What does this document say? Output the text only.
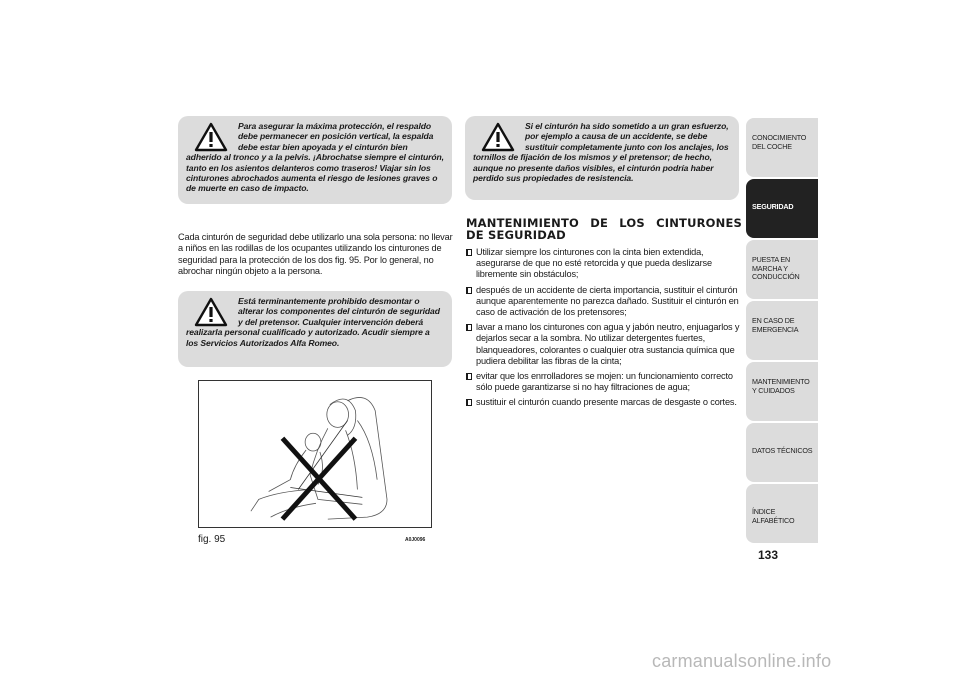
Para asegurar la máxima protección, el respaldo debe permanecer en posición vertical, la espalda debe estar bien apoyada y el cinturón bien adherido al tronco y a la pelvis. ¡Abrochatse siempre el cinturón, tanto en los asientos delanteros como traseros! Viajar sin los cinturones abrochados aumenta el riesgo de lesiones graves o de muerte en caso de impacto.

Cada cinturón de seguridad debe utilizarlo una sola persona: no llevar a niños en las rodillas de los ocupantes utilizando los cinturones de seguridad para la protección de los dos fig. 95. Por lo general, no abrochar ningún objeto a la persona.

Está terminantemente prohibido desmontar o alterar los componentes del cinturón de seguridad y del pretensor. Cualquier intervención deberá realizarla personal cualificado y autorizado. Acudir siempre a los Servicios Autorizados Alfa Romeo.

fig. 95	A0J0096

Si el cinturón ha sido sometido a un gran esfuerzo, por ejemplo a causa de un accidente, se debe sustituir completamente junto con los anclajes, los tornillos de fijación de los mismos y el pretensor; de hecho, aunque no presente daños visibles, el cinturón podría haber perdido sus propiedades de resistencia.

MANTENIMIENTO DE LOS CINTURONES DE SEGURIDAD
Utilizar siempre los cinturones con la cinta bien extendida, asegurarse de que no esté retorcida y que pueda deslizarse libremente sin obstáculos;
después de un accidente de cierta importancia, sustituir el cinturón aunque aparentemente no parezca dañado. Sustituir el cinturón en caso de activación de los pretensores;
lavar a mano los cinturones con agua y jabón neutro, enjuagarlos y dejarlos secar a la sombra. No utilizar detergentes fuertes, blanqueadores, colorantes o cualquier otra sustancia química que pudiera debilitar las fibras de la cinta;
evitar que los enrrolladores se mojen: un funcionamiento correcto sólo puede garantizarse si no hay filtraciones de agua;
sustituir el cinturón cuando presente marcas de desgaste o cortes.
CONOCIMIENTO DEL COCHE
SEGURIDAD
PUESTA EN MARCHA Y CONDUCCIÓN
EN CASO DE EMERGENCIA
MANTENIMIENTO Y CUIDADOS
DATOS TÉCNICOS
ÍNDICE ALFABÉTICO
133
carmanualsonline.info
